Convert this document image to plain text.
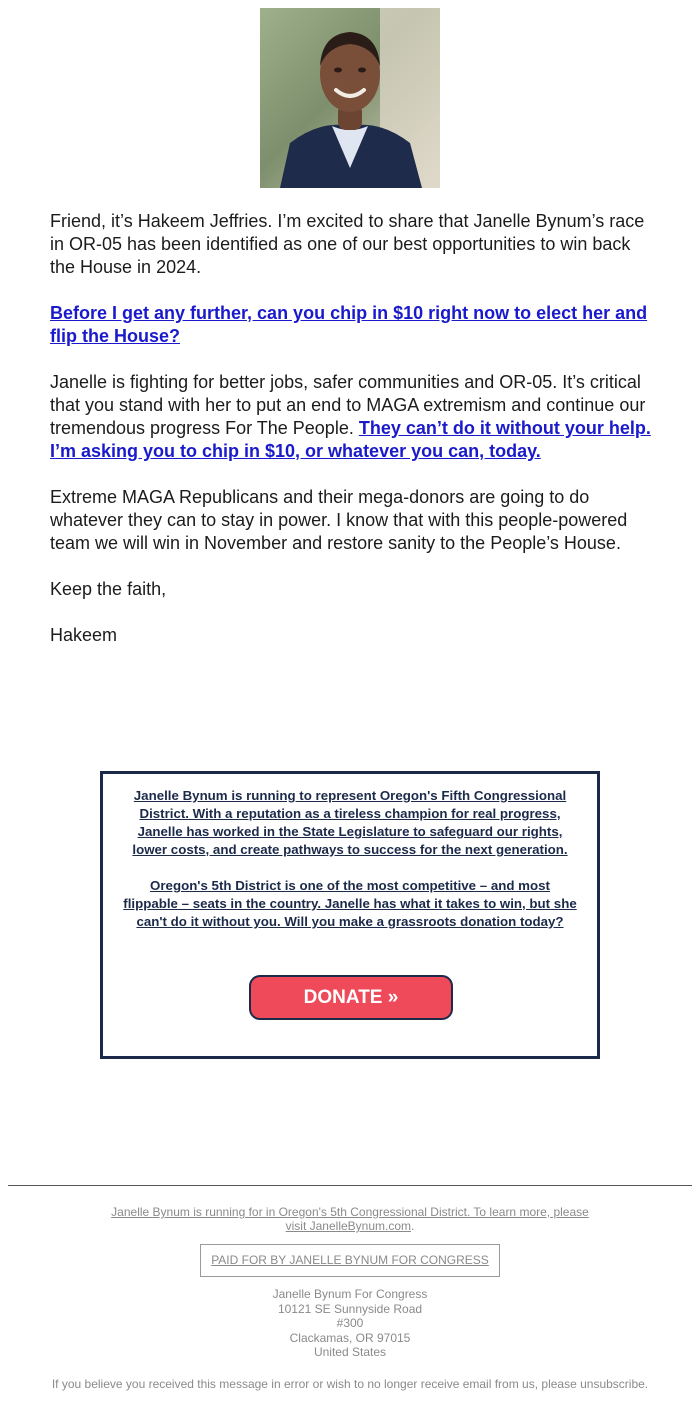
Friend, it’s Hakeem Jeffries. I’m excited to share that Janelle Bynum’s race in OR-05 has been identified as one of our best opportunities to win back the House in 2024.

Before I get any further, can you chip in $10 right now to elect her and flip the House?

Janelle is fighting for better jobs, safer communities and OR-05. It’s critical that you stand with her to put an end to MAGA extremism and continue our tremendous progress For The People. They can’t do it without your help. I’m asking you to chip in $10, or whatever you can, today.

Extreme MAGA Republicans and their mega-donors are going to do whatever they can to stay in power. I know that with this people-powered team we will win in November and restore sanity to the People’s House.

Keep the faith,

Hakeem

Janelle Bynum is running to represent Oregon's Fifth Congressional District. With a reputation as a tireless champion for real progress, Janelle has worked in the State Legislature to safeguard our rights, lower costs, and create pathways to success for the next generation.

Oregon's 5th District is one of the most competitive – and most flippable – seats in the country. Janelle has what it takes to win, but she can't do it without you. Will you make a grassroots donation today?

DONATE »
Janelle Bynum is running for in Oregon's 5th Congressional District. To learn more, please visit JanelleBynum.com.
PAID FOR BY JANELLE BYNUM FOR CONGRESS
Janelle Bynum For Congress
10121 SE Sunnyside Road
#300
Clackamas, OR 97015
United States
If you believe you received this message in error or wish to no longer receive email from us, please unsubscribe.
